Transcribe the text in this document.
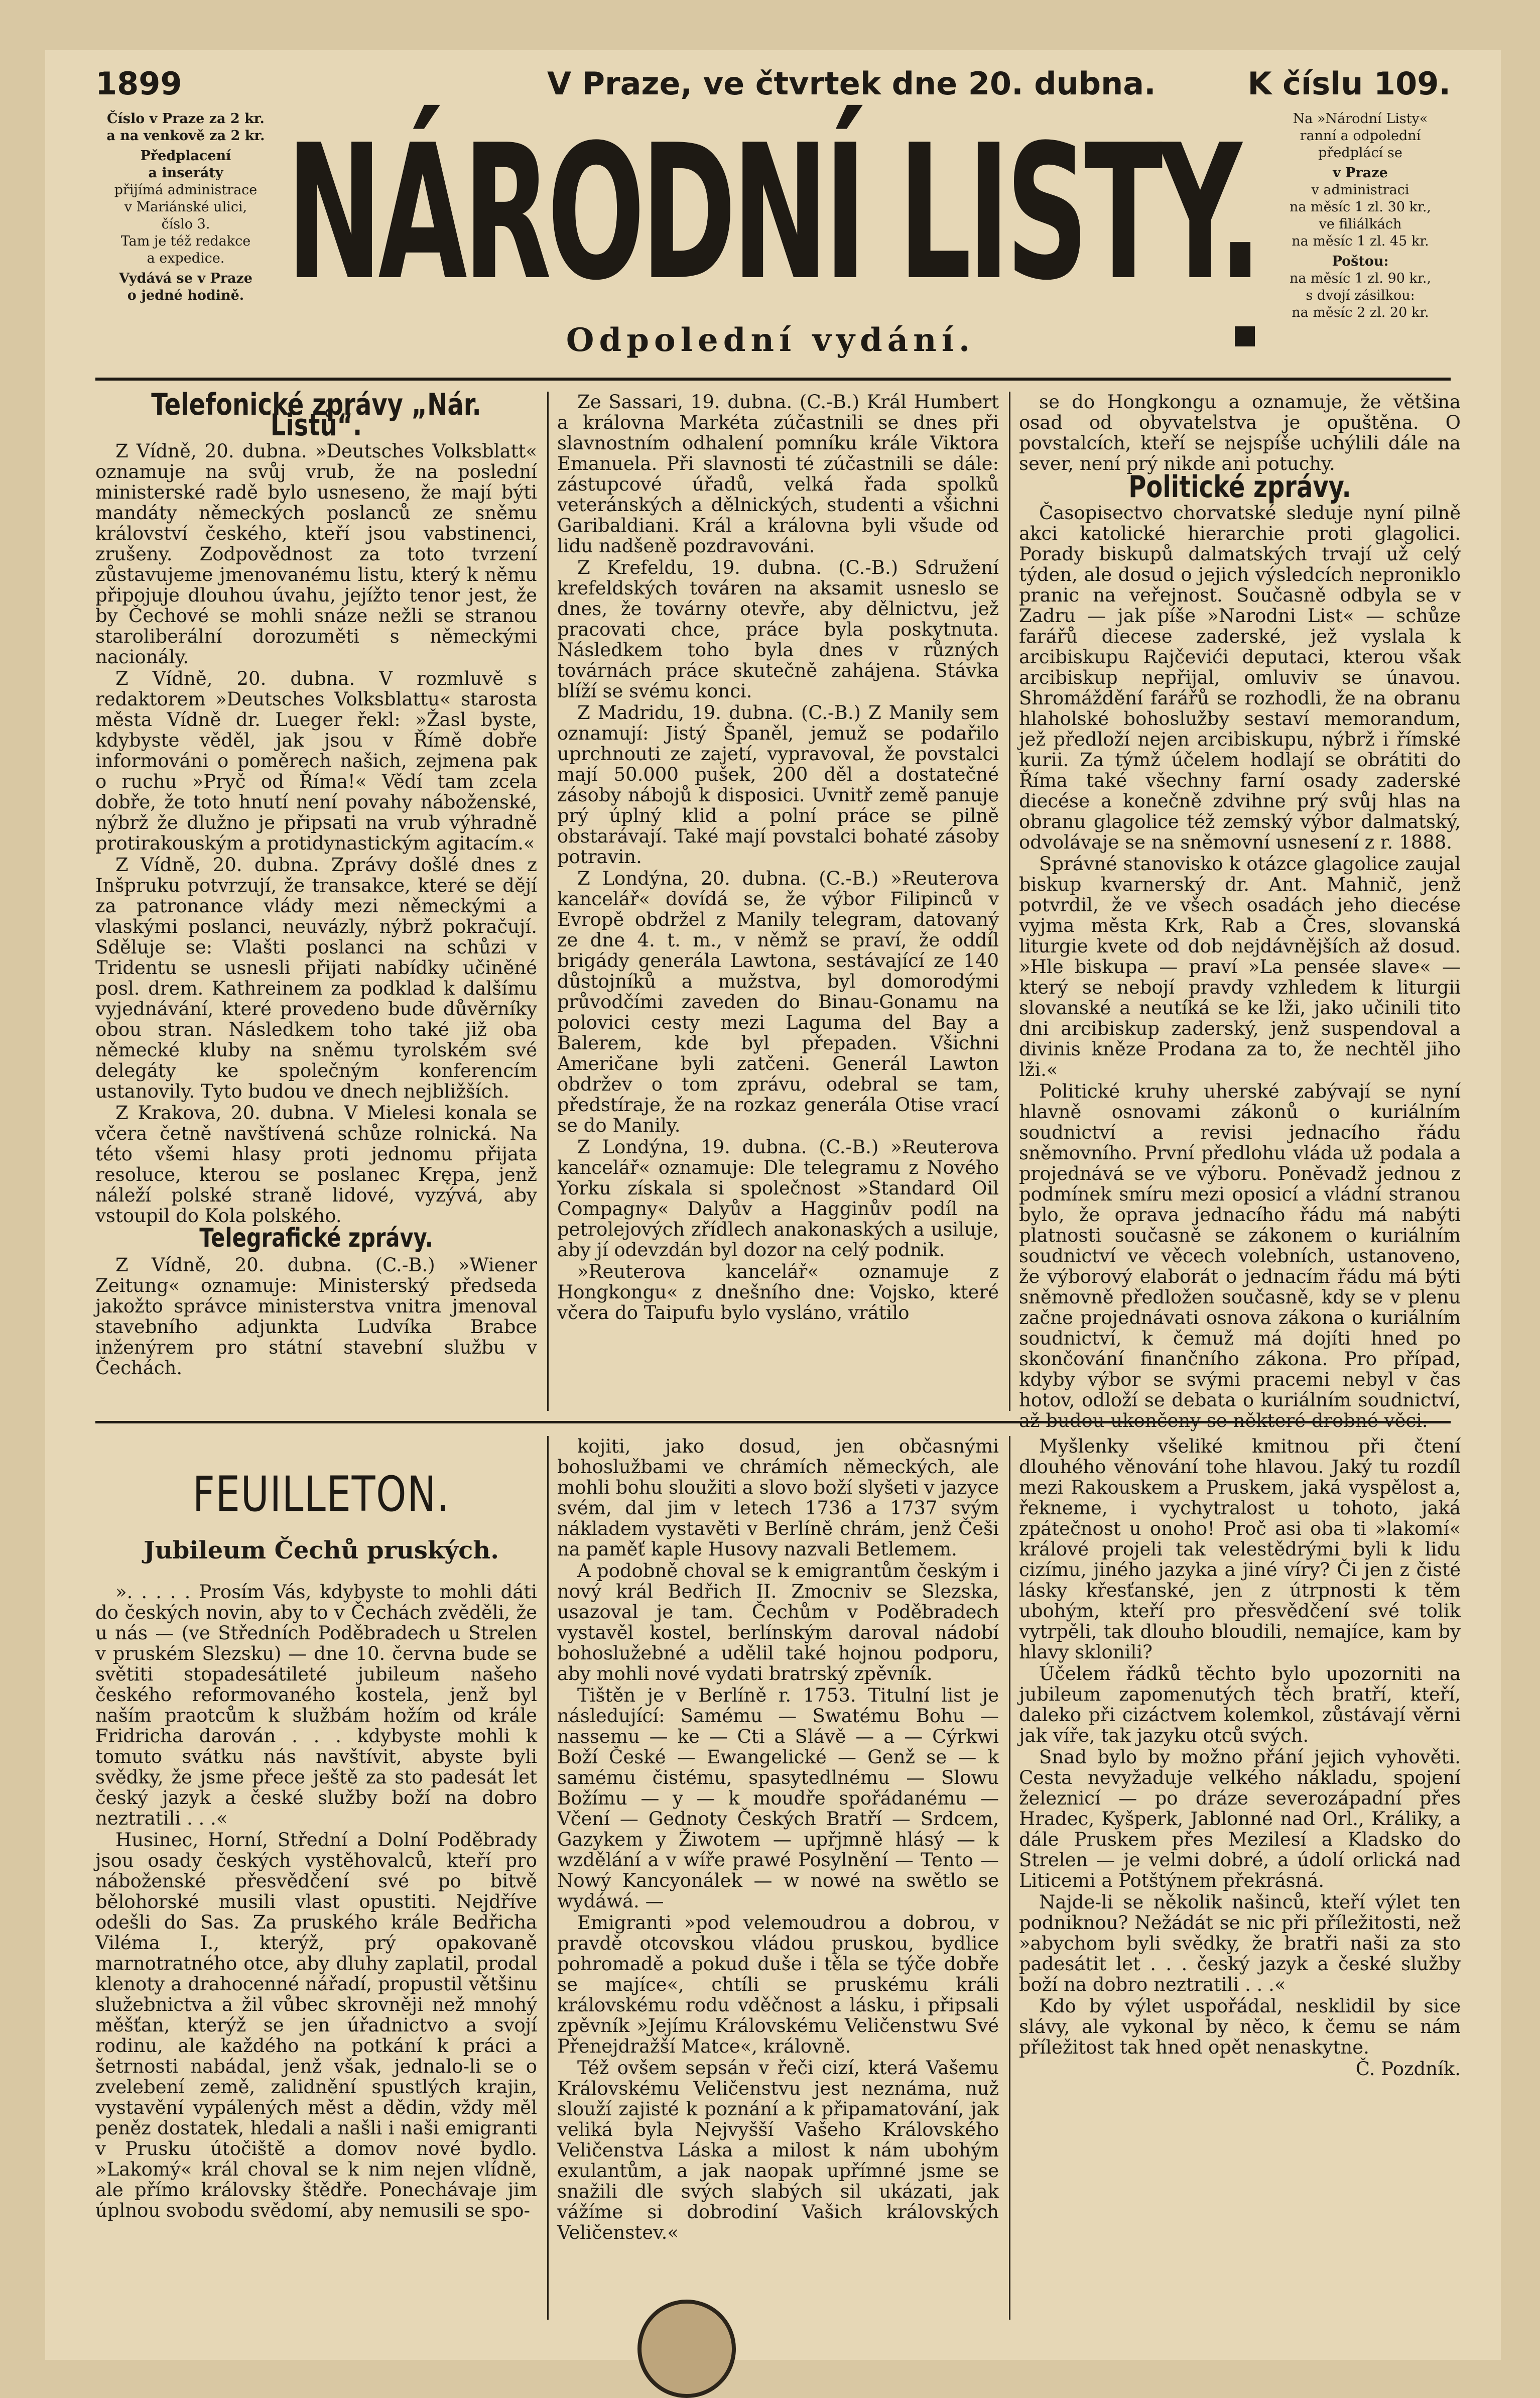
1899	V Praze, ve čtvrtek dne 20. dubna.	K číslu 109.
Číslo v Praze za 2 kr.
a na venkově za 2 kr.
Předplacení
a inseráty
přijímá administrace
v Mariánské ulici,
číslo 3.
Tam je též redakce
a expedice.
Vydává se v Praze
o jedné hodině. NÁRODNÍ LISTY.
Odpolední vydání.
Na »Národní Listy«
ranní a odpolední
předplácí se
v Praze
v administraci
na měsíc 1 zl. 30 kr.,
ve filiálkách
na měsíc 1 zl. 45 kr.
Poštou:
na měsíc 1 zl. 90 kr.,
s dvojí zásilkou:
na měsíc 2 zl. 20 kr.
Telefonické zprávy „Nár. Listů“.

Z Vídně, 20. dubna. »Deutsches Volksblatt« oznamuje na svůj vrub, že na poslední ministerské radě bylo usneseno, že mají býti mandáty německých poslanců ze sněmu království českého, kteří jsou vabstinenci, zrušeny. Zodpovědnost za toto tvrzení zůstavujeme jmenovanému listu, který k němu připojuje dlouhou úvahu, jejížto tenor jest, že by Čechové se mohli snáze nežli se stranou staroliberální dorozuměti s německými nacionály.

Z Vídně, 20. dubna. V rozmluvě s redaktorem »Deutsches Volksblattu« starosta města Vídně dr. Lueger řekl: »Žasl byste, kdybyste věděl, jak jsou v Římě dobře informováni o poměrech našich, zejmena pak o ruchu »Pryč od Říma!« Vědí tam zcela dobře, že toto hnutí není povahy náboženské, nýbrž že dlužno je připsati na vrub výhradně protirakouským a protidynastickým agitacím.«

Z Vídně, 20. dubna. Zprávy došlé dnes z Inšpruku potvrzují, že transakce, které se dějí za patronance vlády mezi německými a vlaskými poslanci, neuvázly, nýbrž pokračují. Sděluje se: Vlašti poslanci na schůzi v Tridentu se usnesli přijati nabídky učiněné posl. drem. Kathreinem za podklad k dalšímu vyjednávání, které provedeno bude důvěrníky obou stran. Následkem toho také již oba německé kluby na sněmu tyrolském své delegáty ke společným konferencím ustanovily. Tyto budou ve dnech nejbližších.

Z Krakova, 20. dubna. V Mielesi konala se včera četně navštívená schůze rolnická. Na této všemi hlasy proti jednomu přijata resoluce, kterou se poslanec Krępa, jenž náleží polské straně lidové, vyzývá, aby vstoupil do Kola polského.

Telegrafické zprávy.

Z Vídně, 20. dubna. (C.-B.) »Wiener Zeitung« oznamuje: Ministerský předseda jakožto správce ministerstva vnitra jmenoval stavebního adjunkta Ludvíka Brabce inženýrem pro státní stavební službu v Čechách.

Ze Sassari, 19. dubna. (C.-B.) Král Humbert a královna Markéta zúčastnili se dnes při slavnostním odhalení pomníku krále Viktora Emanuela. Při slavnosti té zúčastnili se dále: zástupcové úřadů, velká řada spolků veteránských a dělnických, studenti a všichni Garibaldiani. Král a královna byli všude od lidu nadšeně pozdravováni.

Z Krefeldu, 19. dubna. (C.-B.) Sdružení krefeldských továren na aksamit usneslo se dnes, že továrny otevře, aby dělnictvu, jež pracovati chce, práce byla poskytnuta. Následkem toho byla dnes v různých továrnách práce skutečně zahájena. Stávka blíží se svému konci.

Z Madridu, 19. dubna. (C.-B.) Z Manily sem oznamují: Jistý Španěl, jemuž se podařilo uprchnouti ze zajetí, vypravoval, že povstalci mají 50.000 pušek, 200 děl a dostatečné zásoby nábojů k disposici. Uvnitř země panuje prý úplný klid a polní práce se pilně obstarávají. Také mají povstalci bohaté zásoby potravin.

Z Londýna, 20. dubna. (C.-B.) »Reuterova kancelář« dovídá se, že výbor Filipinců v Evropě obdržel z Manily telegram, datovaný ze dne 4. t. m., v němž se praví, že oddíl brigády generála Lawtona, sestávající ze 140 důstojníků a mužstva, byl domorodými průvodčími zaveden do Binau-Gonamu na polovici cesty mezi Laguma del Bay a Balerem, kde byl přepaden. Všichni Američane byli zatčeni. Generál Lawton obdržev o tom zprávu, odebral se tam, předstíraje, že na rozkaz generála Otise vrací se do Manily.

Z Londýna, 19. dubna. (C.-B.) »Reuterova kancelář« oznamuje: Dle telegramu z Nového Yorku získala si společnost »Standard Oil Compagny« Dalyův a Hagginův podíl na petrolejových zřídlech anakonaských a usiluje, aby jí odevzdán byl dozor na celý podnik.

»Reuterova kancelář« oznamuje z Hongkongu« z dnešního dne: Vojsko, které včera do Taipufu bylo vysláno, vrátilo

se do Hongkongu a oznamuje, že většina osad od obyvatelstva je opuštěna. O povstalcích, kteří se nejspíše uchýlili dále na sever, není prý nikde ani potuchy.

Politické zprávy.

Časopisectvo chorvatské sleduje nyní pilně akci katolické hierarchie proti glagolici. Porady biskupů dalmatských trvají už celý týden, ale dosud o jejich výsledcích neproniklo pranic na veřejnost. Současně odbyla se v Zadru — jak píše »Narodni List« — schůze farářů diecese zaderské, jež vyslala k arcibiskupu Rajčevići deputaci, kterou však arcibiskup nepřijal, omluviv se únavou. Shromáždění farářů se rozhodli, že na obranu hlaholské bohoslužby sestaví memorandum, jež předloží nejen arcibiskupu, nýbrž i římské kurii. Za týmž účelem hodlají se obrátiti do Říma také všechny farní osady zaderské diecése a konečně zdvihne prý svůj hlas na obranu glagolice též zemský výbor dalmatský, odvolávaje se na sněmovní usnesení z r. 1888.

Správné stanovisko k otázce glagolice zaujal biskup kvarnerský dr. Ant. Mahnič, jenž potvrdil, že ve všech osadách jeho diecése vyjma města Krk, Rab a Čres, slovanská liturgie kvete od dob nejdávnějších až dosud. »Hle biskupa — praví »La pensée slave« — který se nebojí pravdy vzhledem k liturgii slovanské a neutíká se ke lži, jako učinili tito dni arcibiskup zaderský, jenž suspendoval a divinis kněze Prodana za to, že nechtěl jiho lži.«

Politické kruhy uherské zabývají se nyní hlavně osnovami zákonů o kuriálním soudnictví a revisi jednacího řádu sněmovního. První předlohu vláda už podala a projednává se ve výboru. Poněvadž jednou z podmínek smíru mezi oposicí a vládní stranou bylo, že oprava jednacího řádu má nabýti platnosti současně se zákonem o kuriálním soudnictví ve věcech volebních, ustanoveno, že výborový elaborát o jednacím řádu má býti sněmovně předložen současně, kdy se v plenu začne projednávati osnova zákona o kuriálním soudnictví, k čemuž má dojíti hned po skončování finančního zákona. Pro případ, kdyby výbor se svými pracemi nebyl v čas hotov, odloží se debata o kuriálním soudnictví,

FEUILLETON.
Jubileum Čechů pruských.

». . . . . Prosím Vás, kdybyste to mohli dáti do českých novin, aby to v Čechách zvěděli, že u nás — (ve Středních Poděbradech u Strelen v pruském Slezsku) — dne 10. června bude se světiti stopadesátileté jubileum našeho českého reformovaného kostela, jenž byl naším praotcům k službám hožím od krále Fridricha darován . . . kdybyste mohli k tomuto svátku nás navštívit, abyste byli svědky, že jsme přece ještě za sto padesát let český jazyk a české služby boží na dobro neztratili . . .«

Husinec, Horní, Střední a Dolní Poděbrady jsou osady českých vystěhovalců, kteří pro náboženské přesvědčení své po bitvě bělohorské musili vlast opustiti. Nejdříve odešli do Sas. Za pruského krále Bedřicha Viléma I., kterýž, prý opakovaně marnotratného otce, aby dluhy zaplatil, prodal klenoty a drahocenné nářadí, propustil většinu služebnictva a žil vůbec skrovněji než mnohý měšťan, kterýž se jen úřadnictvo a svojí rodinu, ale každého na potkání k práci a šetrnosti nabádal, jenž však, jednalo-li se o zvelebení země, zalidnění spustlých krajin, vystavění vypálených měst a dědin, vždy měl peněz dostatek, hledali a našli i naši emigranti v Prusku útočiště a domov nové bydlo. »Lakomý« král choval se k nim nejen vlídně, ale přímo královsky štědře. Ponechávaje jim úplnou svobodu svědomí, aby nemusili se spo-

kojiti, jako dosud, jen občasnými bohoslužbami ve chrámích německých, ale mohli bohu sloužiti a slovo boží slyšeti v jazyce svém, dal jim v letech 1736 a 1737 svým nákladem vystavěti v Berlíně chrám, jenž Češi na paměť kaple Husovy nazvali Betlemem.

A podobně choval se k emigrantům českým i nový král Bedřich II. Zmocniv se Slezska, usazoval je tam. Čechům v Poděbradech vystavěl kostel, berlínským daroval nádobí bohoslužebné a udělil také hojnou podporu, aby mohli nové vydati bratrský zpěvník.

Tištěn je v Berlíně r. 1753. Titulní list je následující: Samému — Swatému Bohu — nassemu — ke — Cti a Slávě — a — Cýrkwi Boží České — Ewangelické — Genž se — k samému čistému, spasytedlnému — Slowu Božímu — y — k moudře spořádanému — Včení — Gednoty Českých Bratří — Srdcem, Gazykem y Žiwotem — upřjmně hlásý — k wzdělání a v wíře prawé Posylnění — Tento — Nowý Kancyonálek — w nowé na swětlo se wydáwá. —

Emigranti »pod velemoudrou a dobrou, v pravdě otcovskou vládou pruskou, bydlice pohromadě a pokud duše i těla se týče dobře se majíce«, chtíli se pruskému králi královskému rodu vděčnost a lásku, i připsali zpěvník »Jejímu Královskému Veličenstwu Své Přenejdražší Matce«, královně.

Též ovšem sepsán v řeči cizí, která Vašemu Královskému Veličenstvu jest neznáma, nuž slouží zajisté k poznání a k připamatování, jak veliká byla Nejvyšší Vašeho Královského Veličenstva Láska a milost k nám ubohým exulantům, a jak naopak upřímné jsme se snažili dle svých slabých sil ukázati, jak vážíme si dobrodiní Vašich královských Veličenstev.«

Myšlenky všeliké kmitnou při čtení dlouhého věnování tohe hlavou. Jaký tu rozdíl mezi Rakouskem a Pruskem, jaká vyspělost a, řekneme, i vychytralost u tohoto, jaká zpátečnost u onoho! Proč asi oba ti »lakomí« králové projeli tak velestědrými byli k lidu cizímu, jiného jazyka a jiné víry? Či jen z čisté lásky křesťanské, jen z útrpnosti k těm ubohým, kteří pro přesvědčení své tolik vytrpěli, tak dlouho bloudili, nemajíce, kam by hlavy sklonili?

Účelem řádků těchto bylo upozorniti na jubileum zapomenutých těch bratří, kteří, daleko při cizáctvem kolemkol, zůstávají věrni jak víře, tak jazyku otců svých.

Snad bylo by možno přání jejich vyhověti. Cesta nevyžaduje velkého nákladu, spojení železnicí — po dráze severozápadní přes Hradec, Kyšperk, Jablonné nad Orl., Králiky, a dále Pruskem přes Mezilesí a Kladsko do Strelen — je velmi dobré, a údolí orlická nad Liticemi a Potštýnem překrásná.

Najde-li se několik našinců, kteří výlet ten podniknou? Nežádát se nic při příležitosti, než »abychom byli svědky, že bratři naši za sto padesátit let . . . český jazyk a české služby boží na dobro neztratili . . .«

Kdo by výlet uspořádal, nesklidil by sice slávy, ale vykonal by něco, k čemu se nám příležitost tak hned opět nenaskytne.

Č. Pozdník.
